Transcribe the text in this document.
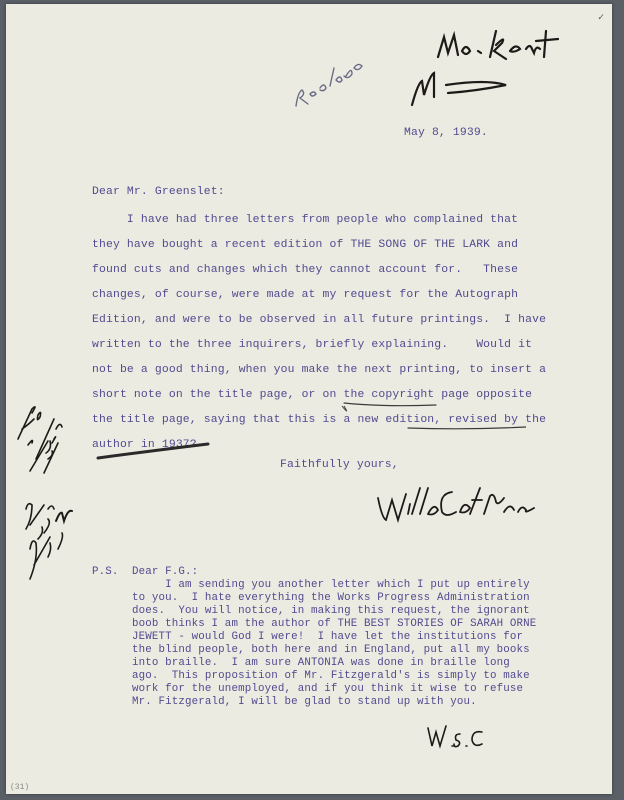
✓
May 8, 1939.
Dear Mr. Greenslet:
I have had three letters from people who complained that
they have bought a recent edition of THE SONG OF THE LARK and
found cuts and changes which they cannot account for.   These
changes, of course, were made at my request for the Autograph
Edition, and were to be observed in all future printings.  I have
written to the three inquirers, briefly explaining.    Would it
not be a good thing, when you make the next printing, to insert a
short note on the title page, or on the copyright page opposite
the title page, saying that this is a new edition, revised by the
author in 1937?
Faithfully yours,
P.S. Dear F.G.:
I am sending you another letter which I put up entirely
to you.  I hate everything the Works Progress Administration
does.  You will notice, in making this request, the ignorant
boob thinks I am the author of THE BEST STORIES OF SARAH ORNE
JEWETT - would God I were!  I have let the institutions for
the blind people, both here and in England, put all my books
into braille.  I am sure ANTONIA was done in braille long
ago.  This proposition of Mr. Fitzgerald's is simply to make
work for the unemployed, and if you think it wise to refuse
Mr. Fitzgerald, I will be glad to stand up with you.
(31)
